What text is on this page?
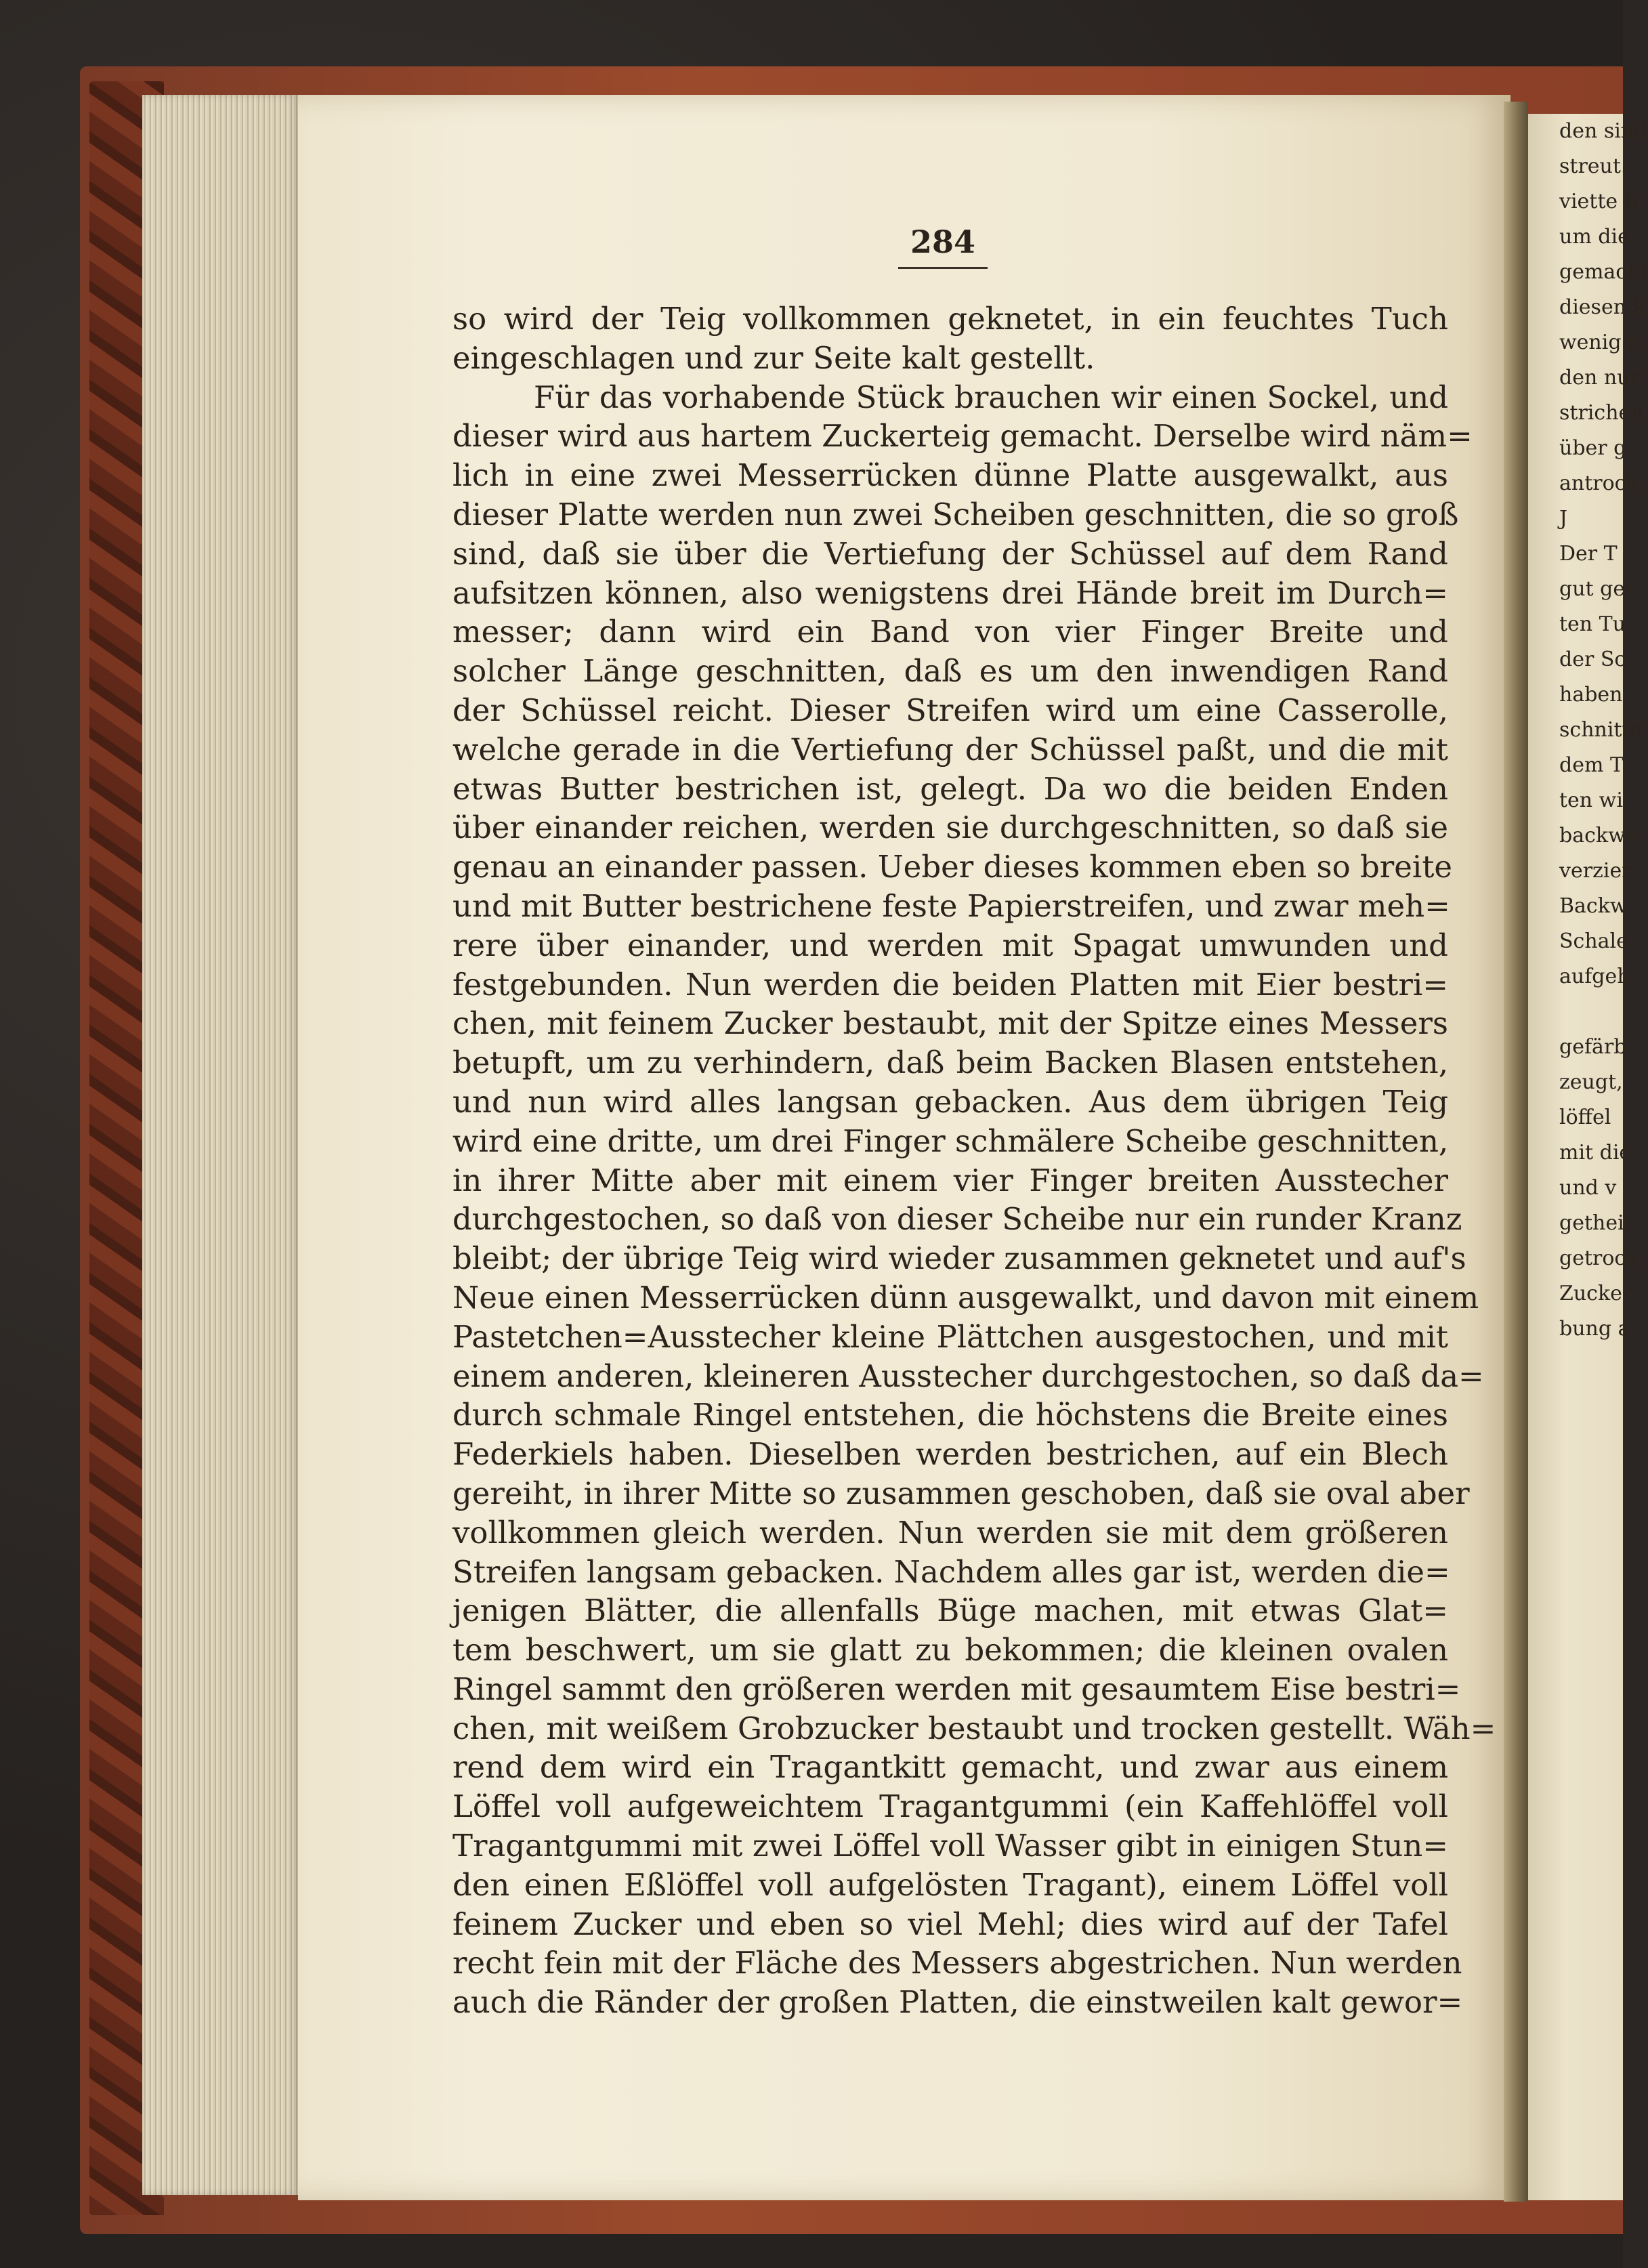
284
so wird der Teig vollkommen geknetet, in ein feuchtes Tuch
eingeschlagen und zur Seite kalt gestellt.
Für das vorhabende Stück brauchen wir einen Sockel, und
dieser wird aus hartem Zuckerteig gemacht. Derselbe wird näm=
lich in eine zwei Messerrücken dünne Platte ausgewalkt, aus
dieser Platte werden nun zwei Scheiben geschnitten, die so groß
sind, daß sie über die Vertiefung der Schüssel auf dem Rand
aufsitzen können, also wenigstens drei Hände breit im Durch=
messer; dann wird ein Band von vier Finger Breite und
solcher Länge geschnitten, daß es um den inwendigen Rand
der Schüssel reicht. Dieser Streifen wird um eine Casserolle,
welche gerade in die Vertiefung der Schüssel paßt, und die mit
etwas Butter bestrichen ist, gelegt. Da wo die beiden Enden
über einander reichen, werden sie durchgeschnitten, so daß sie
genau an einander passen. Ueber dieses kommen eben so breite
und mit Butter bestrichene feste Papierstreifen, und zwar meh=
rere über einander, und werden mit Spagat umwunden und
festgebunden. Nun werden die beiden Platten mit Eier bestri=
chen, mit feinem Zucker bestaubt, mit der Spitze eines Messers
betupft, um zu verhindern, daß beim Backen Blasen entstehen,
und nun wird alles langsan gebacken. Aus dem übrigen Teig
wird eine dritte, um drei Finger schmälere Scheibe geschnitten,
in ihrer Mitte aber mit einem vier Finger breiten Ausstecher
durchgestochen, so daß von dieser Scheibe nur ein runder Kranz
bleibt; der übrige Teig wird wieder zusammen geknetet und auf's
Neue einen Messerrücken dünn ausgewalkt, und davon mit einem
Pastetchen=Ausstecher kleine Plättchen ausgestochen, und mit
einem anderen, kleineren Ausstecher durchgestochen, so daß da=
durch schmale Ringel entstehen, die höchstens die Breite eines
Federkiels haben. Dieselben werden bestrichen, auf ein Blech
gereiht, in ihrer Mitte so zusammen geschoben, daß sie oval aber
vollkommen gleich werden. Nun werden sie mit dem größeren
Streifen langsam gebacken. Nachdem alles gar ist, werden die=
jenigen Blätter, die allenfalls Büge machen, mit etwas Glat=
tem beschwert, um sie glatt zu bekommen; die kleinen ovalen
Ringel sammt den größeren werden mit gesaumtem Eise bestri=
chen, mit weißem Grobzucker bestaubt und trocken gestellt. Wäh=
rend dem wird ein Tragantkitt gemacht, und zwar aus einem
Löffel voll aufgeweichtem Tragantgummi (ein Kaffehlöffel voll
Tragantgummi mit zwei Löffel voll Wasser gibt in einigen Stun=
den einen Eßlöffel voll aufgelösten Tragant), einem Löffel voll
feinem Zucker und eben so viel Mehl; dies wird auf der Tafel
recht fein mit der Fläche des Messers abgestrichen. Nun werden
auch die Ränder der großen Platten, die einstweilen kalt gewor=
den sind
streut.
viette b
um die
gemacht
diesen k
wenig a
den nur
strichen
über g
antrock
J
Der T
gut gef
ten Tu
der Sc
haben.
schnitte
dem T
ten wi
backwe
verzier
Backw
Schale
aufgeh
gefärb
zeugt,
löffel
mit die
und v
getheil
getrock
Zucker
bung a
